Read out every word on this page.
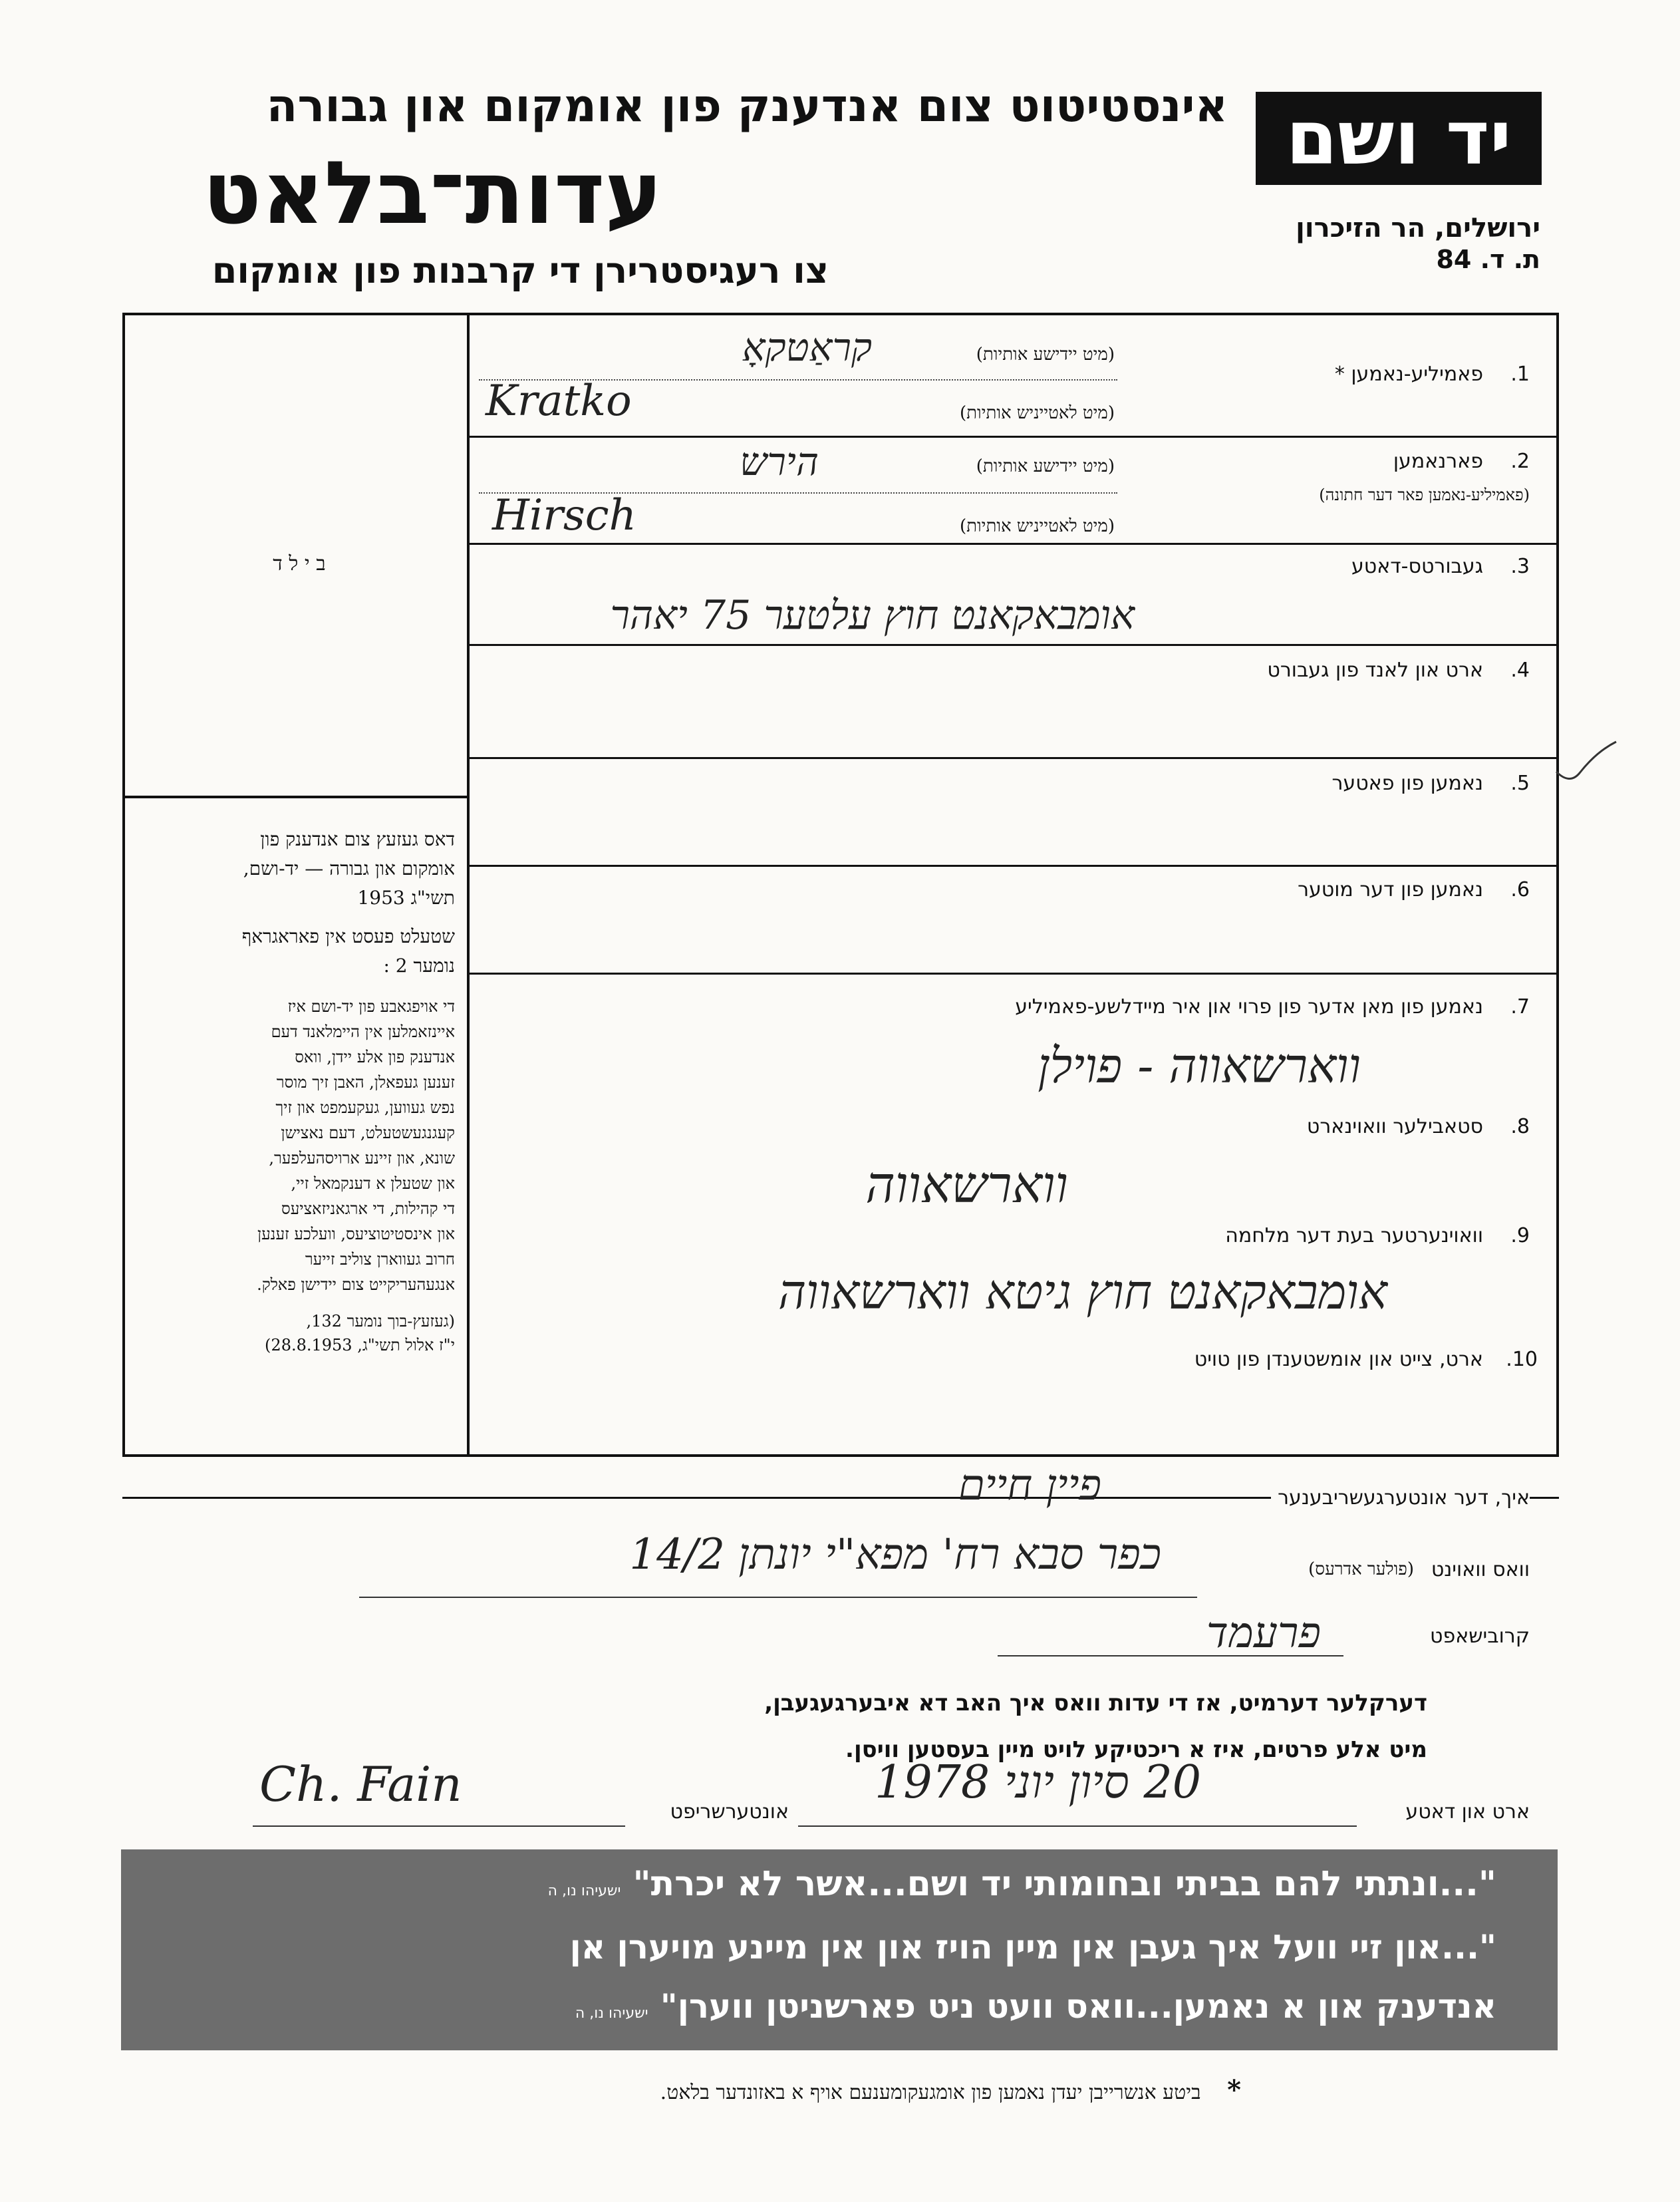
אינסטיטוט צום אנדענק פון אומקום און גבורה
עדות־בלאט
צו רעגיסטרירן די קרבנות פון אומקום
יד ושם
ירושלים, הר הזיכרון
ת. ד. 84
ב י ל ד
דאס געזעץ צום אנדענק פון
אומקום און גבורה — יד-ושם,
תשי"ג 1953
שטעלט פעסט אין פאראגראף
נומער 2 :
די אויפגאבע פון יד-ושם איז
איינזאמלען אין היימלאנד דעם
אנדענק פון אלע יידן, וואס
זענען געפאלן, האבן זיך מוסר
נפש געווען, געקעמפט און זיך
קעגנגעשטעלט, דעם נאצישן
שונא, און זיינע ארויסהעלפער,
און שטעלן א דענקמאל זיי,
די קהילות, די ארגאניזאציעס
און אינסטיטוציעס, וועלכע זענען
חרוב געווארן צוליב זייער
אנגעהעריקייט צום יידישן פאלק.
(געזעץ-בוך נומער 132,
י"ז אלול תשי"ג, 28.8.1953)
1.
פאמיליע-נאמען *
(מיט יידישע אותיות)
(מיט לאטייניש אותיות)
קראַטקאָ
Kratko
2.
פארנאמען
(פאמיליע-נאמען פאר דער חתונה)
(מיט יידישע אותיות)
(מיט לאטייניש אותיות)
הירש
Hirsch
3.
געבורטס-דאטע
אומבאקאנט חוץ עלטער 75 יאהר
4.
ארט און לאנד פון געבורט
5.
נאמען פון פאטער
6.
נאמען פון דער מוטער
7.
נאמען פון מאן אדער פון פרוי און איר מיידלשע-פאמיליע
ווארשאווה - פוילן
8.
סטאבילער וואוינארט
ווארשאווה
9.
וואוינערטער בעת דער מלחמה
אומבאקאנט חוץ גיטא ווארשאווה
10.
ארט, צייט און אומשטענדן פון טויט
איך, דער אונטערגעשריבענער
פיין חיים
וואס וואוינט
(פולער אדרעס)
כפר סבא רח' מפא"י יונתן 14/2
קרובישאפט
פרעמד
דערקלער דערמיט, אז די עדות וואס איך האב דא איבערגעגעבן,
מיט אלע פרטים, איז א ריכטיקע לויט מיין בעסטען וויסן.
ארט און דאטע
20 סיון יוני 1978
אונטערשריפט
Ch. Fain
"...ונתתי להם בביתי ובחומותי יד ושם...אשר לא יכרת" ישעיהו נו, ה
"...און זיי וועל איך געבן אין מיין הויז און אין מיינע מויערן אן
אנדענק און א נאמען...וואס וועט ניט פארשניטן ווערן" ישעיהו נו, ה
* ביטע אנשרייבן יעדן נאמען פון אומגעקומענעם אויף א באזונדער בלאט.
